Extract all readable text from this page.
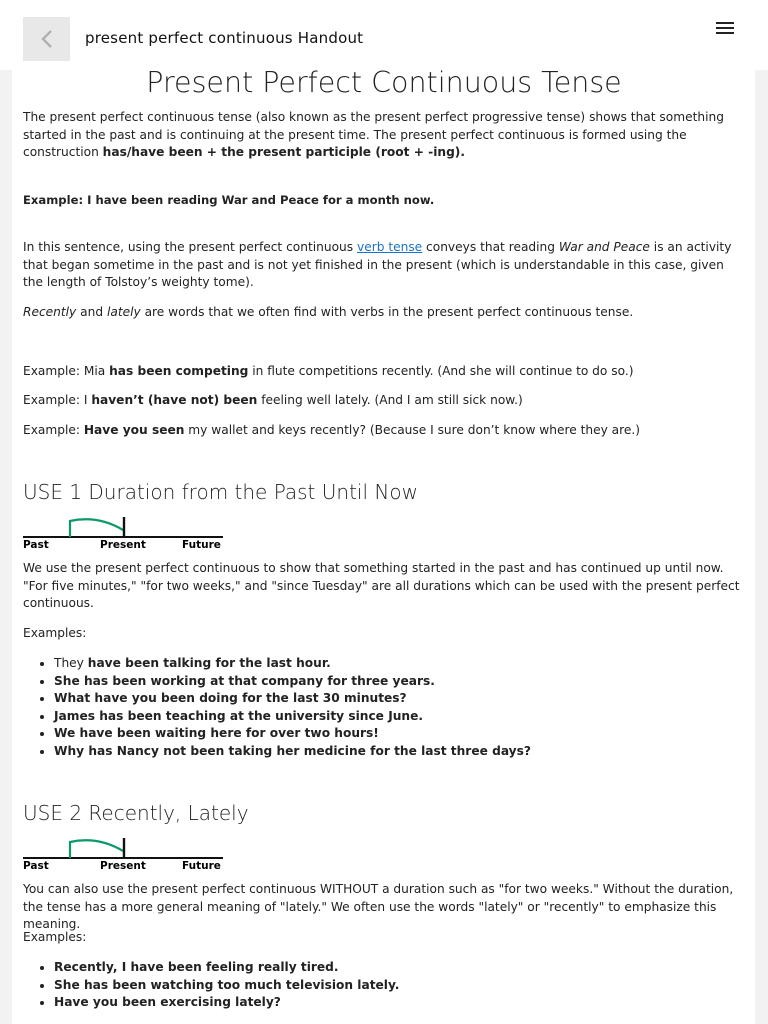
present perfect continuous Handout
Present Perfect Continuous Tense

The present perfect continuous tense (also known as the present perfect progressive tense) shows that something started in the past and is continuing at the present time. The present perfect continuous is formed using the construction has/have been + the present participle (root + -ing).

Example: I have been reading War and Peace for a month now.

In this sentence, using the present perfect continuous verb tense conveys that reading War and Peace is an activity that began sometime in the past and is not yet finished in the present (which is understandable in this case, given the length of Tolstoy’s weighty tome).

Recently and lately are words that we often find with verbs in the present perfect continuous tense.

Example: Mia has been competing in flute competitions recently. (And she will continue to do so.)

Example: I haven’t (have not) been feeling well lately. (And I am still sick now.)

Example: Have you seen my wallet and keys recently? (Because I sure don’t know where they are.)

USE 1 Duration from the Past Until Now
Past	Present	Future

We use the present perfect continuous to show that something started in the past and has continued up until now. "For five minutes," "for two weeks," and "since Tuesday" are all durations which can be used with the present perfect continuous.

Examples:

• They have been talking for the last hour.
• She has been working at that company for three years.
• What have you been doing for the last 30 minutes?
• James has been teaching at the university since June.
• We have been waiting here for over two hours!
• Why has Nancy not been taking her medicine for the last three days?
USE 2 Recently, Lately
Past	Present	Future

You can also use the present perfect continuous WITHOUT a duration such as "for two weeks." Without the duration, the tense has a more general meaning of "lately." We often use the words "lately" or "recently" to emphasize this meaning.

Examples:

• Recently, I have been feeling really tired.
• She has been watching too much television lately.
• Have you been exercising lately?
